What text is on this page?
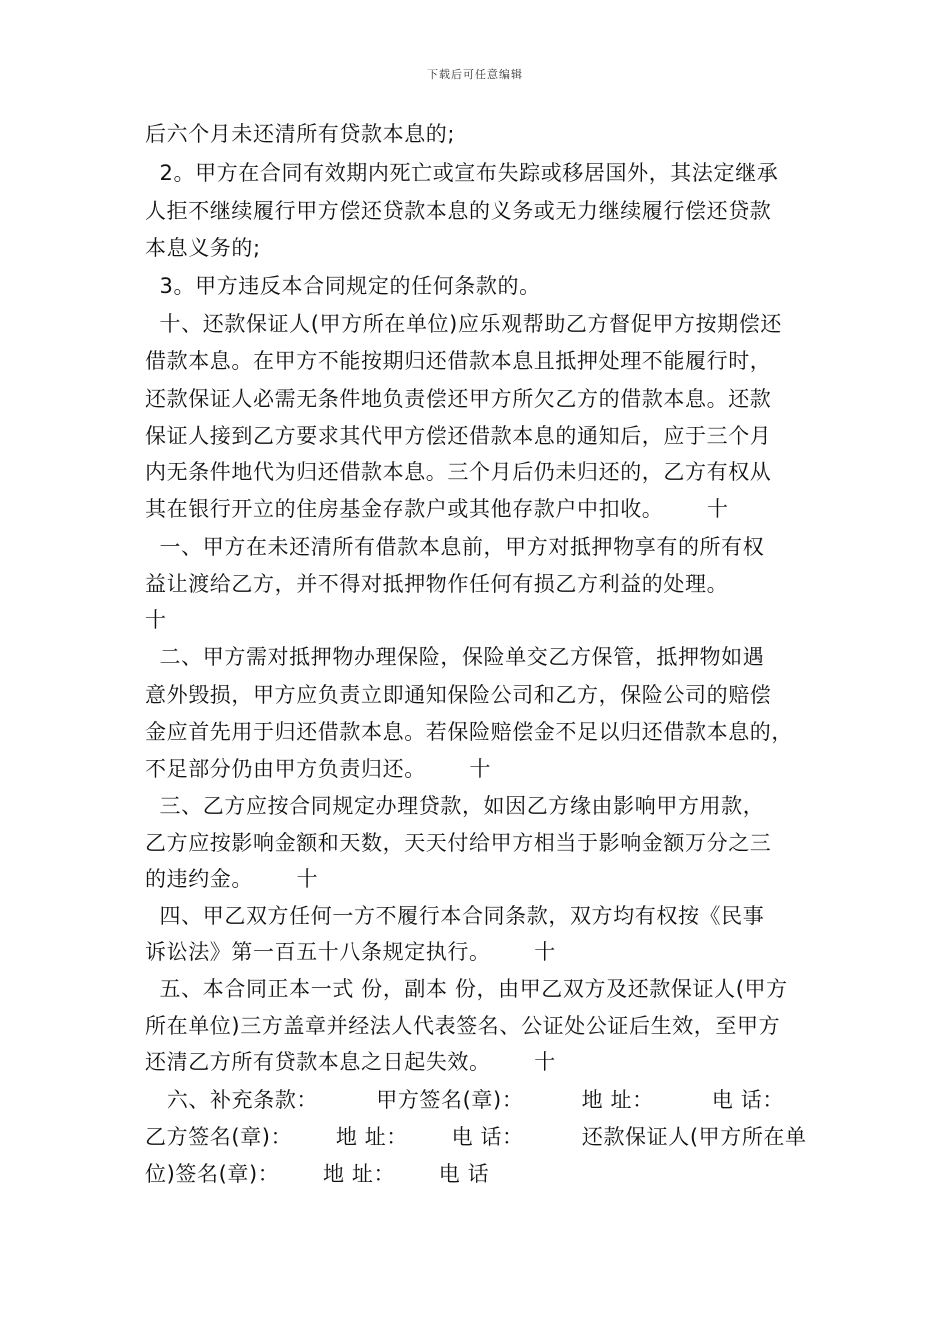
下载后可任意编辑
后六个月未还清所有贷款本息的;
2。甲方在合同有效期内死亡或宣布失踪或移居国外，其法定继承
人拒不继续履行甲方偿还贷款本息的义务或无力继续履行偿还贷款
本息义务的;
3。甲方违反本合同规定的任何条款的。
十、还款保证人(甲方所在单位)应乐观帮助乙方督促甲方按期偿还
借款本息。在甲方不能按期归还借款本息且抵押处理不能履行时，
还款保证人必需无条件地负责偿还甲方所欠乙方的借款本息。还款
保证人接到乙方要求其代甲方偿还借款本息的通知后，应于三个月
内无条件地代为归还借款本息。三个月后仍未归还的，乙方有权从
其在银行开立的住房基金存款户或其他存款户中扣收。      十
一、甲方在未还清所有借款本息前，甲方对抵押物享有的所有权
益让渡给乙方，并不得对抵押物作任何有损乙方利益的处理。
十
二、甲方需对抵押物办理保险，保险单交乙方保管，抵押物如遇
意外毁损，甲方应负责立即通知保险公司和乙方，保险公司的赔偿
金应首先用于归还借款本息。若保险赔偿金不足以归还借款本息的，
不足部分仍由甲方负责归还。      十
三、乙方应按合同规定办理贷款，如因乙方缘由影响甲方用款，
乙方应按影响金额和天数，天天付给甲方相当于影响金额万分之三
的违约金。      十
四、甲乙双方任何一方不履行本合同条款，双方均有权按《民事
诉讼法》第一百五十八条规定执行。      十
五、本合同正本一式 份，副本 份，由甲乙双方及还款保证人(甲方
所在单位)三方盖章并经法人代表签名、公证处公证后生效，至甲方
还清乙方所有贷款本息之日起失效。      十
六、补充条款：        甲方签名(章)：        地 址：        电 话：
乙方签名(章)：      地 址：      电 话：        还款保证人(甲方所在单
位)签名(章)：      地 址：      电 话
